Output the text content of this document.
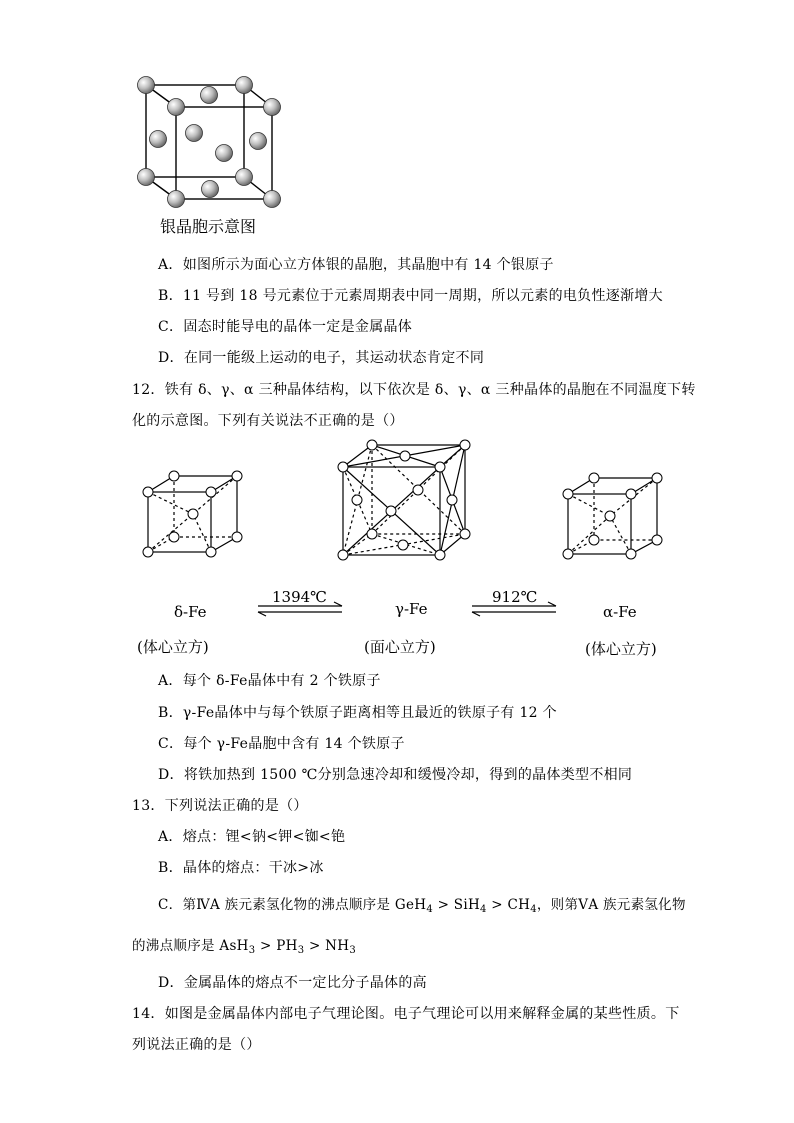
银晶胞示意图
A．如图所示为面心立方体银的晶胞，其晶胞中有 14 个银原子
B．11 号到 18 号元素位于元素周期表中同一周期，所以元素的电负性逐渐增大
C．固态时能导电的晶体一定是金属晶体
D．在同一能级上运动的电子，其运动状态肯定不同
12．铁有 δ、γ、α 三种晶体结构，以下依次是 δ、γ、α 三种晶体的晶胞在不同温度下转
化的示意图。下列有关说法不正确的是（）
δ-Fe
(体心立方)
1394℃
γ-Fe
(面心立方)
912℃
α-Fe
(体心立方)
A．每个 δ-Fe晶体中有 2 个铁原子
B．γ-Fe晶体中与每个铁原子距离相等且最近的铁原子有 12 个
C．每个 γ-Fe晶胞中含有 14 个铁原子
D．将铁加热到 1500 ℃分别急速冷却和缓慢冷却，得到的晶体类型不相同
13．下列说法正确的是（）
A．熔点：锂<钠<钾<铷<铯
B．晶体的熔点：干冰>冰
C．第ⅣA 族元素氢化物的沸点顺序是 $GeH_4 > SiH_4 > CH_4$，则第ⅤA 族元素氢化物
的沸点顺序是 $AsH_3 > PH_3 > NH_3$
D．金属晶体的熔点不一定比分子晶体的高
14．如图是金属晶体内部电子气理论图。电子气理论可以用来解释金属的某些性质。下
列说法正确的是（）
